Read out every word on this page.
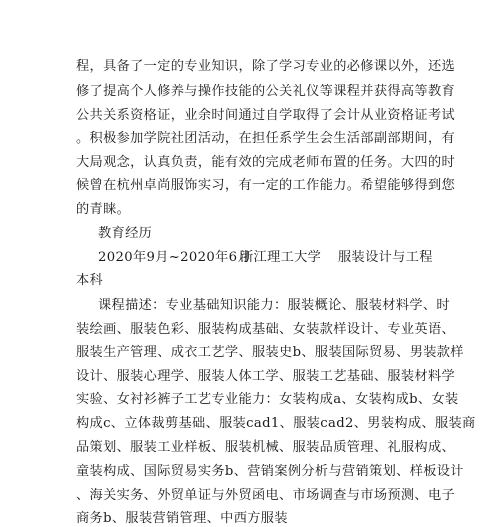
程，具备了一定的专业知识，除了学习专业的必修课以外，还选
修了提高个人修养与操作技能的公关礼仪等课程并获得高等教育
公共关系资格证，业余时间通过自学取得了会计从业资格证考试
。积极参加学院社团活动，在担任系学生会生活部副部期间，有
大局观念，认真负责，能有效的完成老师布置的任务。大四的时
候曾在杭州卓尚服饰实习，有一定的工作能力。希望能够得到您
的青睐。
教育经历
2020年9月~2020年6月
浙江理工大学 服装设计与工程
本科
课程描述：专业基础知识能力：服装概论、服装材料学、时
装绘画、服装色彩、服装构成基础、女装款样设计、专业英语、
服装生产管理、成衣工艺学、服装史b、服装国际贸易、男装款样
设计、服装心理学、服装人体工学、服装工艺基础、服装材料学
实验、女衬衫裤子工艺专业能力：女装构成a、女装构成b、女装
构成c、立体裁剪基础、服装cad1、服装cad2、男装构成、服装商
品策划、服装工业样板、服装机械、服装品质管理、礼服构成、
童装构成、国际贸易实务b、营销案例分析与营销策划、样板设计
、海关实务、外贸单证与外贸函电、市场调查与市场预测、电子
商务b、服装营销管理、中西方服装
